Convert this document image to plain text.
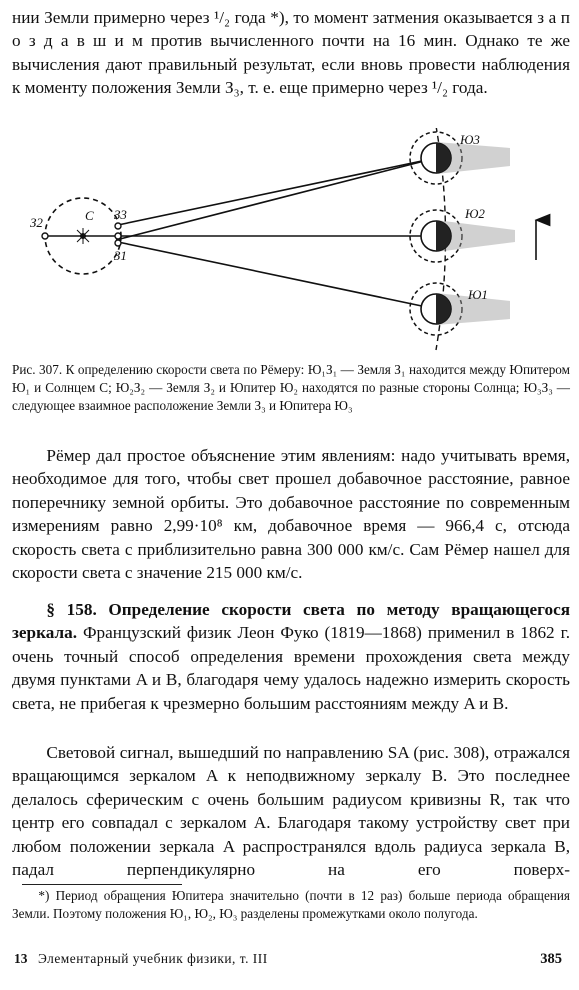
нии Земли примерно через ¹/₂ года *), то момент затмения оказывается з а п о з д а в ш и м против вычисленного почти на 16 мин. Однако те же вычисления дают правильный результат, если вновь провести наблюдения к моменту положения Земли З₃, т. е. еще примерно через ¹/₂ года.

З2	С З3
З1
Ю3
Ю2
Ю1

Рис. 307. К определению скорости света по Рёмеру: Ю₁З₁ — Земля З₁ находится между Юпитером Ю₁ и Солнцем С; Ю₂З₂ — Земля З₂ и Юпитер Ю₂ находятся по разные стороны Солнца; Ю₃З₃ — следующее взаимное расположение Земли З₃ и Юпитера Ю₃

Рёмер дал простое объяснение этим явлениям: надо учитывать время, необходимое для того, чтобы свет прошел добавочное расстояние, равное поперечнику земной орбиты. Это добавочное расстояние по современным измерениям равно 2,99·10⁸ км, добавочное время — 966,4 с, отсюда скорость света c приблизительно равна 300 000 км/с. Сам Рёмер нашел для скорости света c значение 215 000 км/с.

§ 158. Определение скорости света по методу вращающегося зеркала. Французский физик Леон Фуко (1819—1868) применил в 1862 г. очень точный способ определения времени прохождения света между двумя пунктами A и B, благодаря чему удалось надежно измерить скорость света, не прибегая к чрезмерно большим расстояниям между A и B.

Световой сигнал, вышедший по направлению SA (рис. 308), отражался вращающимся зеркалом A к неподвижному зеркалу B. Это последнее делалось сферическим с очень большим радиусом кривизны R, так что центр его совпадал с зеркалом A. Благодаря такому устройству свет при любом положении зеркала A распространялся вдоль радиуса зеркала B, падал перпендикулярно на его поверх-

*) Период обращения Юпитера значительно (почти в 12 раз) больше периода обращения Земли. Поэтому положения Ю₁, Ю₂, Ю₃ разделены промежутками около полугода.

13 Элементарный учебник физики, т. III	385
